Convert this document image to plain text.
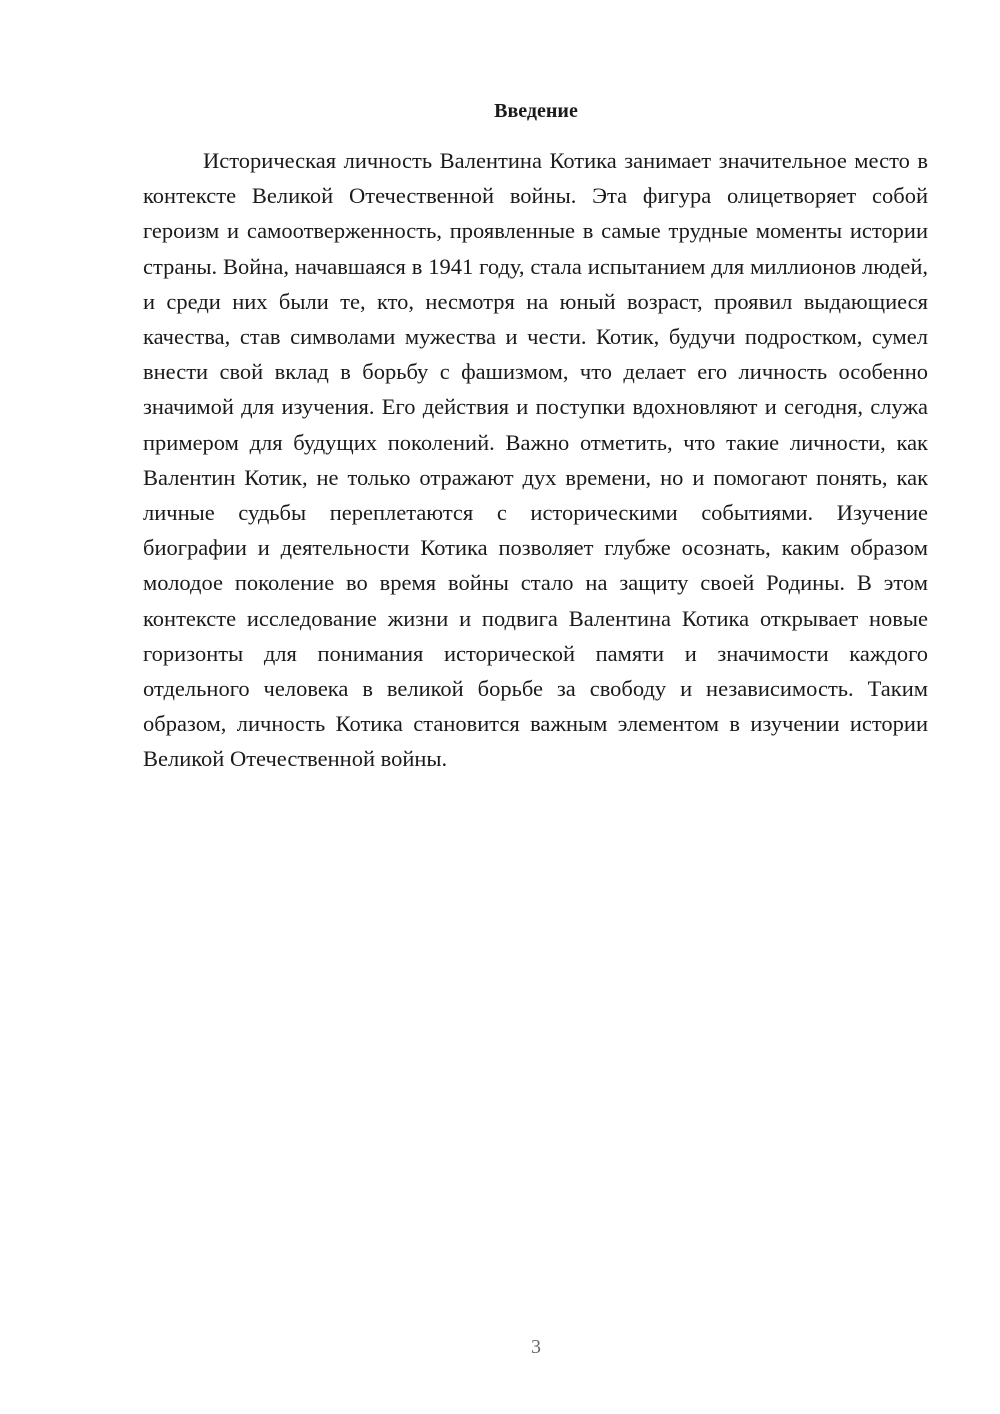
Введение

Историческая личность Валентина Котика занимает значительное место в контексте Великой Отечественной войны. Эта фигура олицетворяет собой героизм и самоотверженность, проявленные в самые трудные моменты истории страны. Война, начавшаяся в 1941 году, стала испытанием для миллионов людей, и среди них были те, кто, несмотря на юный возраст, проявил выдающиеся качества, став символами мужества и чести. Котик, будучи подростком, сумел внести свой вклад в борьбу с фашизмом, что делает его личность особенно значимой для изучения. Его действия и поступки вдохновляют и сегодня, служа примером для будущих поколений. Важно отметить, что такие личности, как Валентин Котик, не только отражают дух времени, но и помогают понять, как личные судьбы переплетаются с историческими событиями. Изучение биографии и деятельности Котика позволяет глубже осознать, каким образом молодое поколение во время войны стало на защиту своей Родины. В этом контексте исследование жизни и подвига Валентина Котика открывает новые горизонты для понимания исторической памяти и значимости каждого отдельного человека в великой борьбе за свободу и независимость. Таким образом, личность Котика становится важным элементом в изучении истории Великой Отечественной войны.

3
